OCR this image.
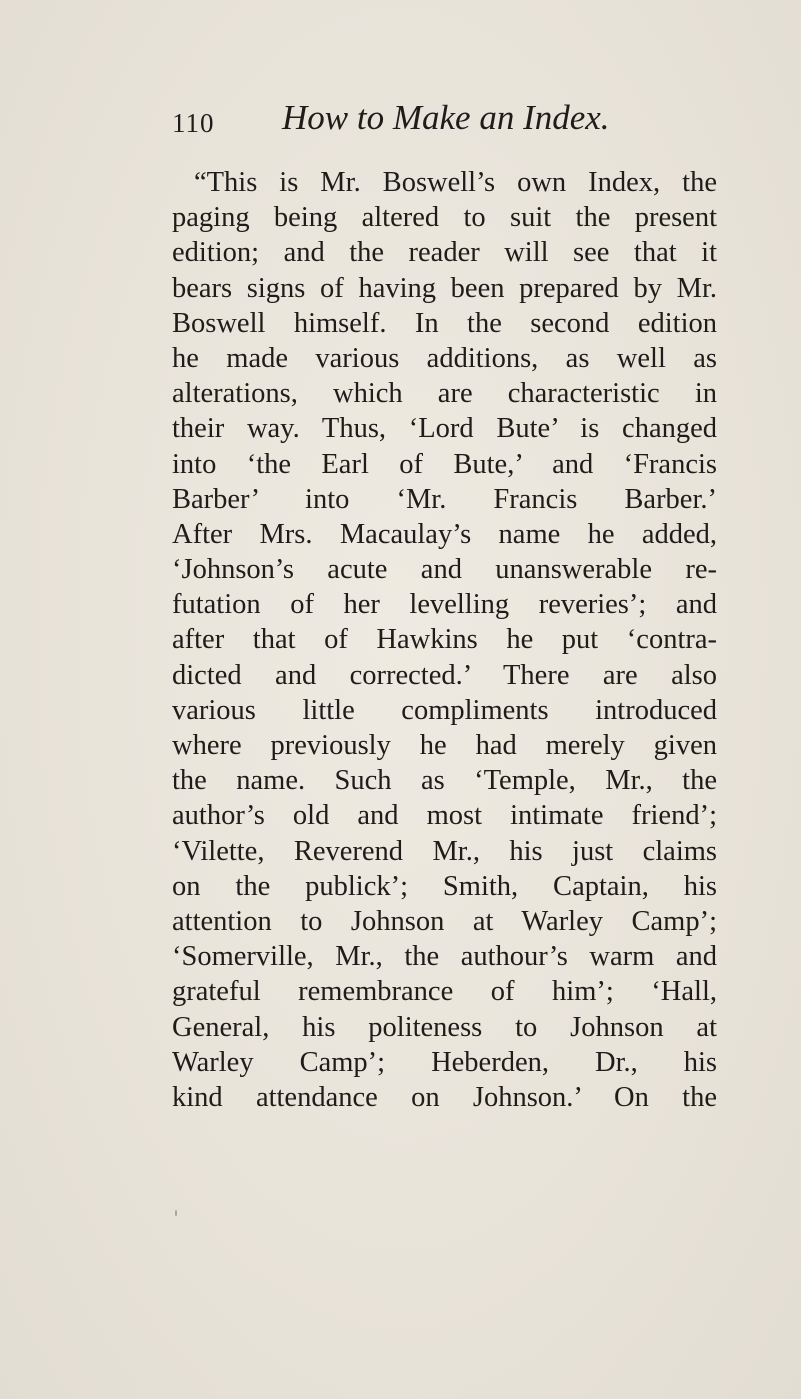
110 How to Make an Index.
“This is Mr. Boswell’s own Index, the
paging being altered to suit the present
edition; and the reader will see that it
bears signs of having been prepared by Mr.
Boswell himself. In the second edition
he made various additions, as well as
alterations, which are characteristic in
their way. Thus, ‘Lord Bute’ is changed
into ‘the Earl of Bute,’ and ‘Francis
Barber’ into ‘Mr. Francis Barber.’
After Mrs. Macaulay’s name he added,
‘Johnson’s acute and unanswerable re-
futation of her levelling reveries’; and
after that of Hawkins he put ‘contra-
dicted and corrected.’ There are also
various little compliments introduced
where previously he had merely given
the name. Such as ‘Temple, Mr., the
author’s old and most intimate friend’;
‘Vilette, Reverend Mr., his just claims
on the publick’; Smith, Captain, his
attention to Johnson at Warley Camp’;
‘Somerville, Mr., the authour’s warm and
grateful remembrance of him’; ‘Hall,
General, his politeness to Johnson at
Warley Camp’; Heberden, Dr., his
kind attendance on Johnson.’ On the
